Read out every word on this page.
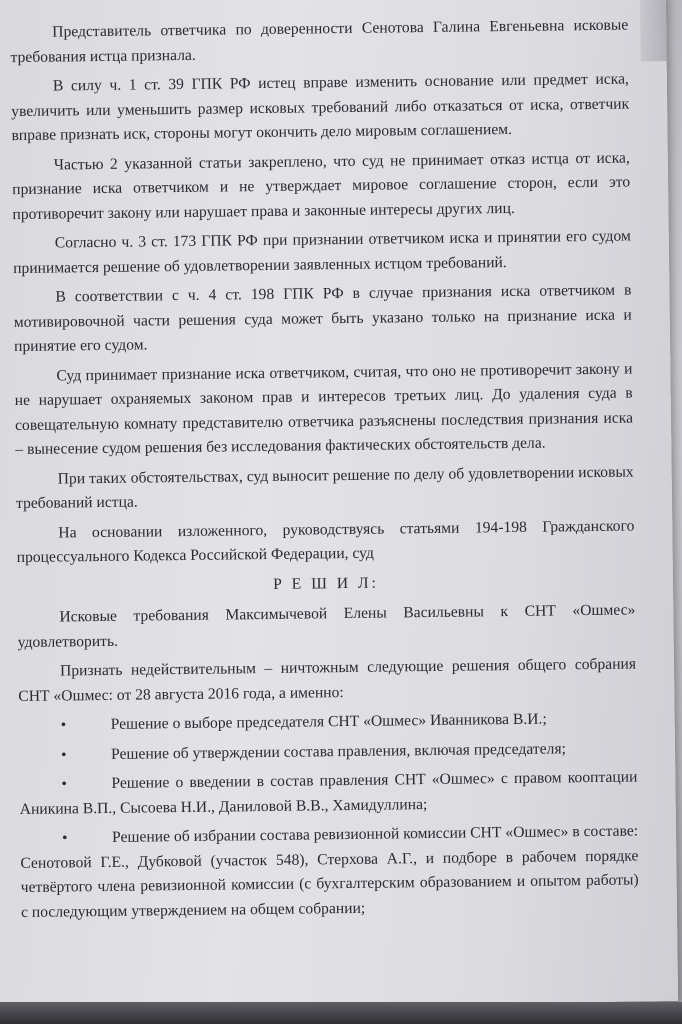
Представитель ответчика по доверенности Сенотова Галина Евгеньевна исковые требования истца признала.

В силу ч. 1 ст. 39 ГПК РФ истец вправе изменить основание или предмет иска, увеличить или уменьшить размер исковых требований либо отказаться от иска, ответчик вправе признать иск, стороны могут окончить дело мировым соглашением.

Частью 2 указанной статьи закреплено, что суд не принимает отказ истца от иска, признание иска ответчиком и не утверждает мировое соглашение сторон, если это противоречит закону или нарушает права и законные интересы других лиц.

Согласно ч. 3 ст. 173 ГПК РФ при признании ответчиком иска и принятии его судом принимается решение об удовлетворении заявленных истцом требований.

В соответствии с ч. 4 ст. 198 ГПК РФ в случае признания иска ответчиком в мотивировочной части решения суда может быть указано только на признание иска и принятие его судом.

Суд принимает признание иска ответчиком, считая, что оно не противоречит закону и не нарушает охраняемых законом прав и интересов третьих лиц. До удаления суда в совещательную комнату представителю ответчика разъяснены последствия признания иска – вынесение судом решения без исследования фактических обстоятельств дела.

При таких обстоятельствах, суд выносит решение по делу об удовлетворении исковых требований истца.

На основании изложенного, руководствуясь статьями 194-198 Гражданского процессуального Кодекса Российской Федерации, суд

Р Е Ш И Л:

Исковые требования Максимычевой Елены Васильевны к СНТ «Ошмес» удовлетворить.

Признать недействительным – ничтожным следующие решения общего собрания СНТ «Ошмес: от 28 августа 2016 года, а именно:

•	Решение о выборе председателя СНТ «Ошмес» Иванникова В.И.;
•	Решение об утверждении состава правления, включая председателя;
•	Решение о введении в состав правления СНТ «Ошмес» с правом кооптации Аникина В.П., Сысоева Н.И., Даниловой В.В., Хамидуллина;
•	Решение об избрании состава ревизионной комиссии СНТ «Ошмес» в составе: Сенотовой Г.Е., Дубковой (участок 548), Стерхова А.Г., и подборе в рабочем порядке четвёртого члена ревизионной комиссии (с бухгалтерским образованием и опытом работы) с последующим утверждением на общем собрании;
